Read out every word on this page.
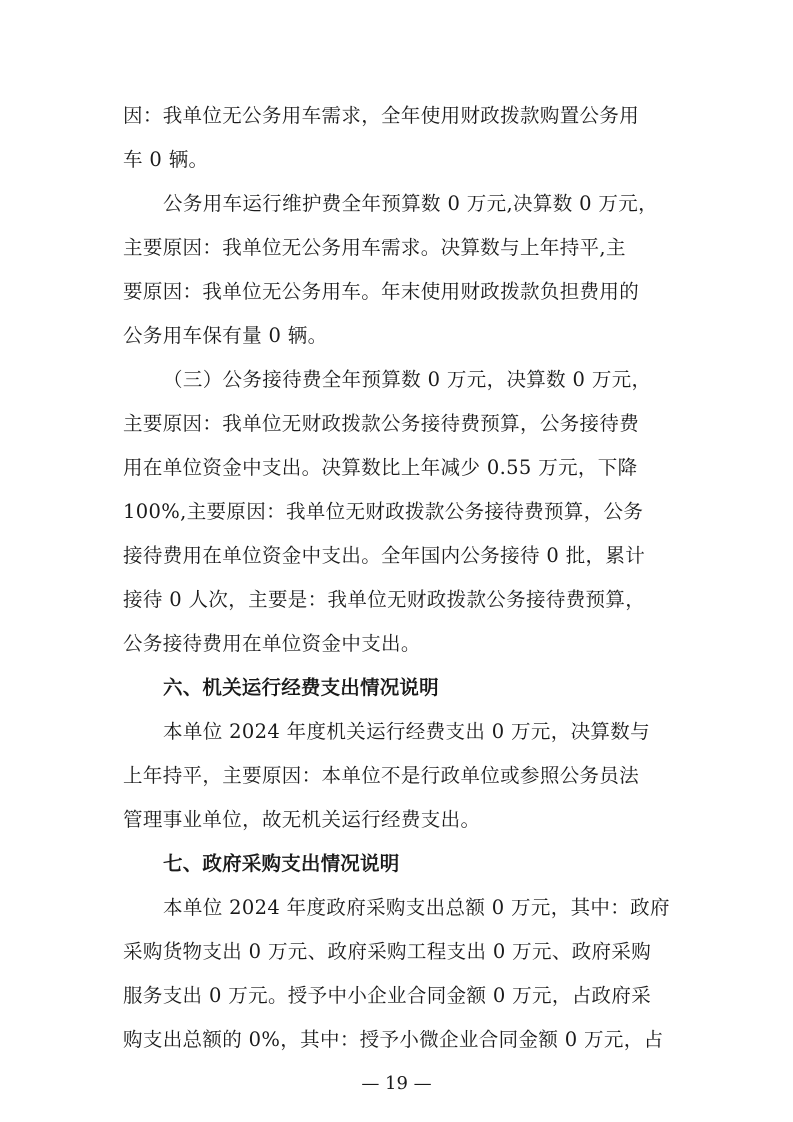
因：我单位无公务用车需求，全年使用财政拨款购置公务用
车 0 辆。
公务用车运行维护费全年预算数 0 万元,决算数 0 万元，
主要原因：我单位无公务用车需求。决算数与上年持平,主
要原因：我单位无公务用车。年末使用财政拨款负担费用的
公务用车保有量 0 辆。
（三）公务接待费全年预算数 0 万元，决算数 0 万元，
主要原因：我单位无财政拨款公务接待费预算，公务接待费
用在单位资金中支出。决算数比上年减少 0.55 万元，下降
100%,主要原因：我单位无财政拨款公务接待费预算，公务
接待费用在单位资金中支出。全年国内公务接待 0 批，累计
接待 0 人次，主要是：我单位无财政拨款公务接待费预算，
公务接待费用在单位资金中支出。
六、机关运行经费支出情况说明
本单位 2024 年度机关运行经费支出 0 万元，决算数与
上年持平，主要原因：本单位不是行政单位或参照公务员法
管理事业单位，故无机关运行经费支出。
七、政府采购支出情况说明
本单位 2024 年度政府采购支出总额 0 万元，其中：政府
采购货物支出 0 万元、政府采购工程支出 0 万元、政府采购
服务支出 0 万元。授予中小企业合同金额 0 万元，占政府采
购支出总额的 0%，其中：授予小微企业合同金额 0 万元，占
— 19 —
